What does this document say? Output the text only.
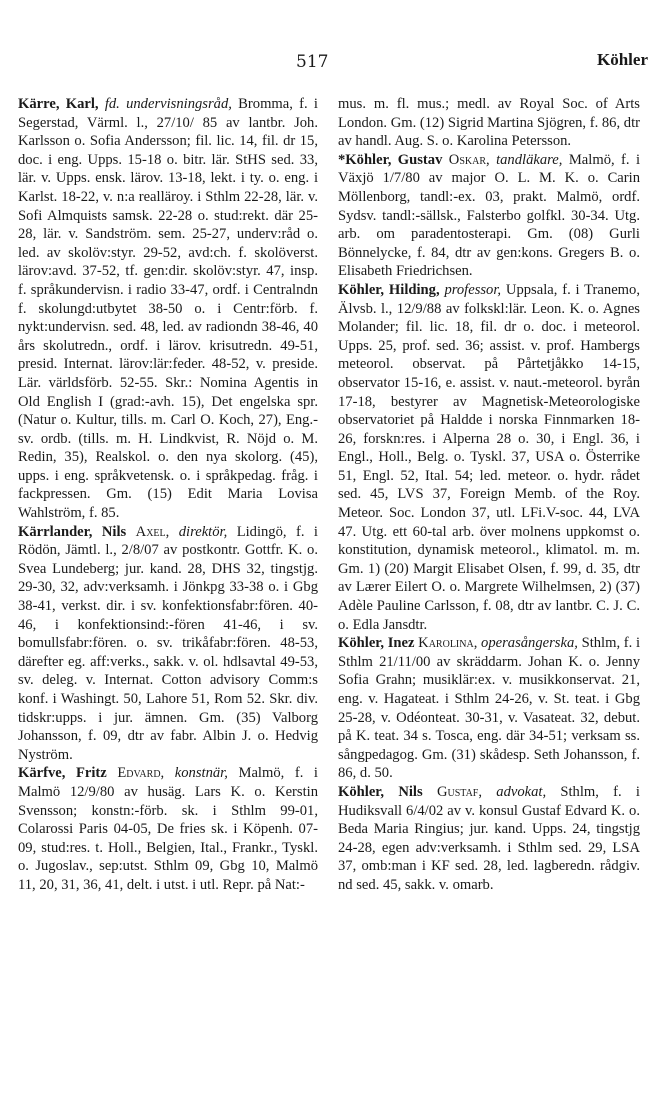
517	Köhler

Kärre, Karl, fd. undervisningsråd, Bromma, f. i Segerstad, Värml. l., 27/10/ 85 av lantbr. Joh. Karlsson o. Sofia Andersson; fil. lic. 14, fil. dr 15, doc. i eng. Upps. 15-18 o. bitr. lär. StHS sed. 33, lär. v. Upps. ensk. lärov. 13-18, lekt. i ty. o. eng. i Karlst. 18-22, v. n:a realläroy. i Sthlm 22-28, lär. v. Sofi Almquists samsk. 22-28 o. stud:rekt. där 25-28, lär. v. Sandström. sem. 25-27, underv:råd o. led. av skolöv:styr. 29-52, avd:ch. f. skolöverst. lärov:avd. 37-52, tf. gen:dir. skolöv:styr. 47, insp. f. språkundervisn. i radio 33-47, ordf. i Centralndn f. skolungd:utbytet 38-50 o. i Centr:förb. f. nykt:undervisn. sed. 48, led. av radiondn 38-46, 40 års skolutredn., ordf. i lärov. krisutredn. 49-51, presid. Internat. lärov:lär:feder. 48-52, v. preside. Lär. världsförb. 52-55. Skr.: Nomina Agentis in Old English I (grad:-avh. 15), Det engelska spr. (Natur o. Kultur, tills. m. Carl O. Koch, 27), Eng.-sv. ordb. (tills. m. H. Lindkvist, R. Nöjd o. M. Redin, 35), Realskol. o. den nya skolorg. (45), upps. i eng. språkvetensk. o. i språkpedag. fråg. i fackpressen. Gm. (15) Edit Maria Lovisa Wahlström, f. 85.

Kärrlander, Nils Axel, direktör, Lidingö, f. i Rödön, Jämtl. l., 2/8/07 av postkontr. Gottfr. K. o. Svea Lundeberg; jur. kand. 28, DHS 32, tingstjg. 29-30, 32, adv:verksamh. i Jönkpg 33-38 o. i Gbg 38-41, verkst. dir. i sv. konfektionsfabr:fören. 40-46, i konfektionsind:-fören 41-46, i sv. bomullsfabr:fören. o. sv. trikåfabr:fören. 48-53, därefter eg. aff:verks., sakk. v. ol. hdlsavtal 49-53, sv. deleg. v. Internat. Cotton advisory Comm:s konf. i Washingt. 50, Lahore 51, Rom 52. Skr. div. tidskr:upps. i jur. ämnen. Gm. (35) Valborg Johansson, f. 09, dtr av fabr. Albin J. o. Hedvig Nyström.

Kärfve, Fritz Edvard, konstnär, Malmö, f. i Malmö 12/9/80 av husäg. Lars K. o. Kerstin Svensson; konstn:-förb. sk. i Sthlm 99-01, Colarossi Paris 04-05, De fries sk. i Köpenh. 07-09, stud:res. t. Holl., Belgien, Ital., Frankr., Tyskl. o. Jugoslav., sep:utst. Sthlm 09, Gbg 10, Malmö 11, 20, 31, 36, 41, delt. i utst. i utl. Repr. på Nat:-

mus. m. fl. mus.; medl. av Royal Soc. of Arts London. Gm. (12) Sigrid Martina Sjögren, f. 86, dtr av handl. Aug. S. o. Karolina Petersson.

*Köhler, Gustav Oskar, tandläkare, Malmö, f. i Växjö 1/7/80 av major O. L. M. K. o. Carin Möllenborg, tandl:-ex. 03, prakt. Malmö, ordf. Sydsv. tandl:-sällsk., Falsterbo golfkl. 30-34. Utg. arb. om paradentosterapi. Gm. (08) Gurli Bönnelycke, f. 84, dtr av gen:kons. Gregers B. o. Elisabeth Friedrichsen.

Köhler, Hilding, professor, Uppsala, f. i Tranemo, Älvsb. l., 12/9/88 av folkskl:lär. Leon. K. o. Agnes Molander; fil. lic. 18, fil. dr o. doc. i meteorol. Upps. 25, prof. sed. 36; assist. v. prof. Hambergs meteorol. observat. på Pårtetjåkko 14-15, observator 15-16, e. assist. v. naut.-meteorol. byrån 17-18, bestyrer av Magnetisk-Meteorologiske observatoriet på Haldde i norska Finnmarken 18-26, forskn:res. i Alperna 28 o. 30, i Engl. 36, i Engl., Holl., Belg. o. Tyskl. 37, USA o. Österrike 51, Engl. 52, Ital. 54; led. meteor. o. hydr. rådet sed. 45, LVS 37, Foreign Memb. of the Roy. Meteor. Soc. London 37, utl. LFi.V-soc. 44, LVA 47. Utg. ett 60-tal arb. över molnens uppkomst o. konstitution, dynamisk meteorol., klimatol. m. m. Gm. 1) (20) Margit Elisabet Olsen, f. 99, d. 35, dtr av Lærer Eilert O. o. Margrete Wilhelmsen, 2) (37) Adèle Pauline Carlsson, f. 08, dtr av lantbr. C. J. C. o. Edla Jansdtr.

Köhler, Inez Karolina, operasångerska, Sthlm, f. i Sthlm 21/11/00 av skräddarm. Johan K. o. Jenny Sofia Grahn; musiklär:ex. v. musikkonservat. 21, eng. v. Hagateat. i Sthlm 24-26, v. St. teat. i Gbg 25-28, v. Odéonteat. 30-31, v. Vasateat. 32, debut. på K. teat. 34 s. Tosca, eng. där 34-51; verksam ss. sångpedagog. Gm. (31) skådesp. Seth Johansson, f. 86, d. 50.

Köhler, Nils Gustaf, advokat, Sthlm, f. i Hudiksvall 6/4/02 av v. konsul Gustaf Edvard K. o. Beda Maria Ringius; jur. kand. Upps. 24, tingstjg 24-28, egen adv:verksamh. i Sthlm sed. 29, LSA 37, omb:man i KF sed. 28, led. lagberedn. rådgiv. nd sed. 45, sakk. v. omarb.
